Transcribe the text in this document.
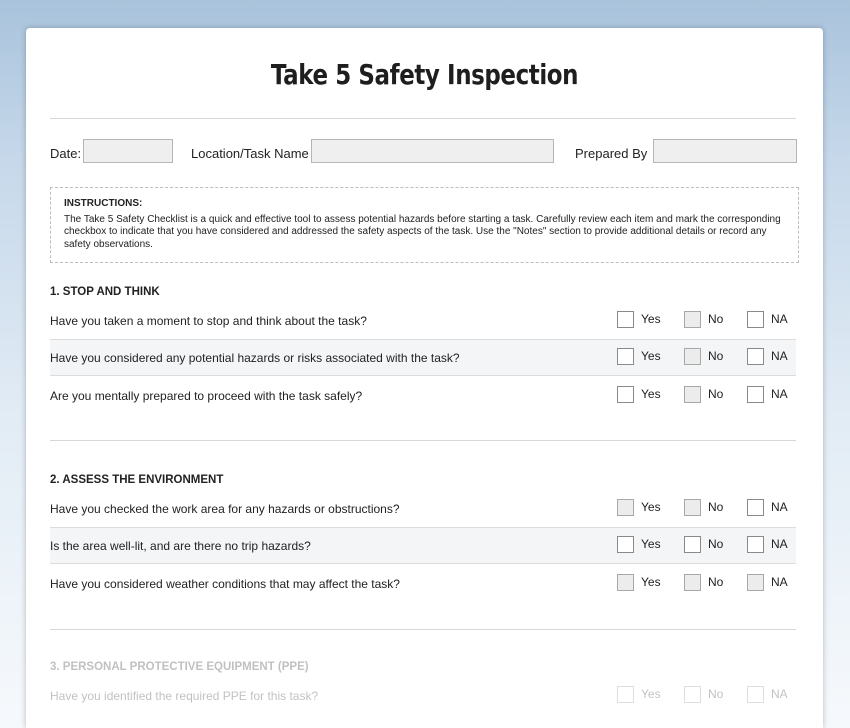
Take 5 Safety Inspection
Date:	Location/Task Name	Prepared By
INSTRUCTIONS:
The Take 5 Safety Checklist is a quick and effective tool to assess potential hazards before starting a task. Carefully review each item and mark the corresponding checkbox to indicate that you have considered and addressed the safety aspects of the task. Use the "Notes" section to provide additional details or record any safety observations.
1. STOP AND THINK
Have you taken a moment to stop and think about the task?	Yes	No	NA
Have you considered any potential hazards or risks associated with the task?	Yes	No	NA
Are you mentally prepared to proceed with the task safely?	Yes	No	NA
2. ASSESS THE ENVIRONMENT
Have you checked the work area for any hazards or obstructions?	Yes	No	NA
Is the area well-lit, and are there no trip hazards?	Yes	No	NA
Have you considered weather conditions that may affect the task?	Yes	No	NA
3. PERSONAL PROTECTIVE EQUIPMENT (PPE)
Have you identified the required PPE for this task?	Yes	No	NA
